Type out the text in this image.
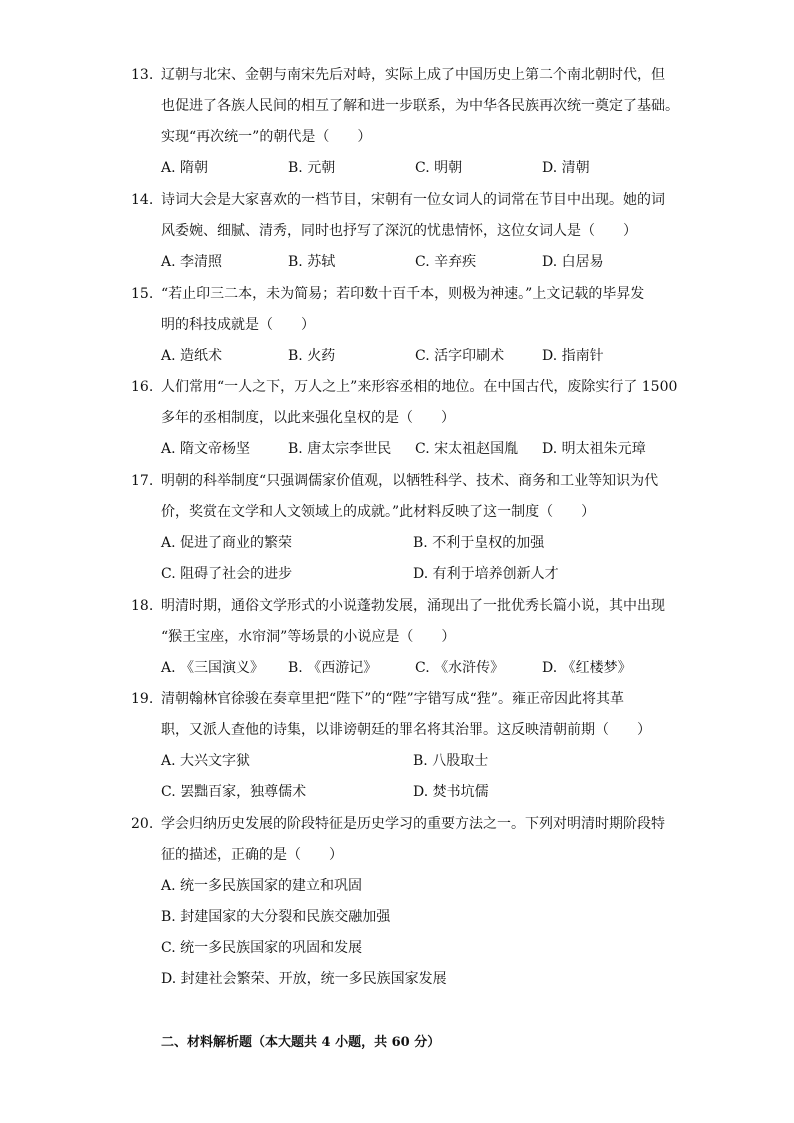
13. 辽朝与北宋、金朝与南宋先后对峙，实际上成了中国历史上第二个南北朝时代，但
也促进了各族人民间的相互了解和进一步联系，为中华各民族再次统一奠定了基础。
实现“再次统一”的朝代是（　　）
A. 隋朝	B. 元朝	C. 明朝	D. 清朝
14. 诗词大会是大家喜欢的一档节目，宋朝有一位女词人的词常在节目中出现。她的词
风委婉、细腻、清秀，同时也抒写了深沉的忧患情怀，这位女词人是（　　）
A. 李清照	B. 苏轼	C. 辛弃疾	D. 白居易
15. “若止印三二本，未为简易；若印数十百千本，则极为神速。”上文记载的毕昇发
明的科技成就是（　　）
A. 造纸术	B. 火药	C. 活字印刷术	D. 指南针
16. 人们常用“一人之下，万人之上”来形容丞相的地位。在中国古代，废除实行了 1500
多年的丞相制度，以此来强化皇权的是（　　）
A. 隋文帝杨坚	B. 唐太宗李世民	C. 宋太祖赵国胤	D. 明太祖朱元璋
17. 明朝的科举制度“只强调儒家价值观，以牺牲科学、技术、商务和工业等知识为代
价，奖赏在文学和人文领域上的成就。”此材料反映了这一制度（　　）
A. 促进了商业的繁荣	B. 不利于皇权的加强
C. 阻碍了社会的进步	D. 有利于培养创新人才
18. 明清时期，通俗文学形式的小说蓬勃发展，涌现出了一批优秀长篇小说，其中出现
“猴王宝座，水帘洞”等场景的小说应是（　　）
A. 《三国演义》	B. 《西游记》	C. 《水浒传》	D. 《红楼梦》
19. 清朝翰林官徐骏在奏章里把“陛下”的“陛”字错写成“狴”。雍正帝因此将其革
职，又派人查他的诗集，以诽谤朝廷的罪名将其治罪。这反映清朝前期（　　）
A. 大兴文字狱	B. 八股取士
C. 罢黜百家，独尊儒术	D. 焚书坑儒
20. 学会归纳历史发展的阶段特征是历史学习的重要方法之一。下列对明清时期阶段特
征的描述，正确的是（　　）
A. 统一多民族国家的建立和巩固
B. 封建国家的大分裂和民族交融加强
C. 统一多民族国家的巩固和发展
D. 封建社会繁荣、开放，统一多民族国家发展
二、材料解析题（本大题共 4 小题，共 60 分）
